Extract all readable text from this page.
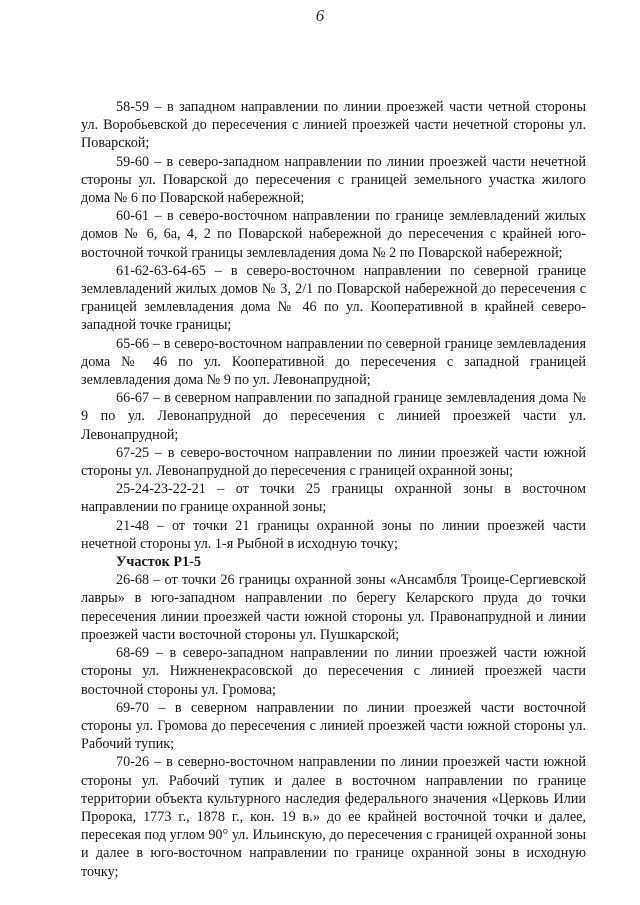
6

58-59 – в западном направлении по линии проезжей части четной стороны ул. Воробьевской до пересечения с линией проезжей части нечетной стороны ул. Поварской;

59-60 – в северо-западном направлении по линии проезжей части нечетной стороны ул. Поварской до пересечения с границей земельного участка жилого дома № 6 по Поварской набережной;

60-61 – в северо-восточном направлении по границе землевладений жилых домов № 6, 6а, 4, 2 по Поварской набережной до пересечения с крайней юго-восточной точкой границы землевладения дома № 2 по Поварской набережной;

61-62-63-64-65 – в северо-восточном направлении по северной границе землевладений жилых домов № 3, 2/1 по Поварской набережной до пересечения с границей землевладения дома № 46 по ул. Кооперативной в крайней северо-западной точке границы;

65-66 – в северо-восточном направлении по северной границе землевладения дома № 46 по ул. Кооперативной до пересечения с западной границей землевладения дома № 9 по ул. Левонапрудной;

66-67 – в северном направлении по западной границе землевладения дома № 9 по ул. Левонапрудной до пересечения с линией проезжей части ул. Левонапрудной;

67-25 – в северо-восточном направлении по линии проезжей части южной стороны ул. Левонапрудной до пересечения с границей охранной зоны;

25-24-23-22-21 – от точки 25 границы охранной зоны в восточном направлении по границе охранной зоны;

21-48 – от точки 21 границы охранной зоны по линии проезжей части нечетной стороны ул. 1-я Рыбной в исходную точку;

Участок Р1-5

26-68 – от точки 26 границы охранной зоны «Ансамбля Троице-Сергиевской лавры» в юго-западном направлении по берегу Келарского пруда до точки пересечения линии проезжей части южной стороны ул. Правонапрудной и линии проезжей части восточной стороны ул. Пушкарской;

68-69 – в северо-западном направлении по линии проезжей части южной стороны ул. Нижненекрасовской до пересечения с линией проезжей части восточной стороны ул. Громова;

69-70 – в северном направлении по линии проезжей части восточной стороны ул. Громова до пересечения с линией проезжей части южной стороны ул. Рабочий тупик;

70-26 – в северно-восточном направлении по линии проезжей части южной стороны ул. Рабочий тупик и далее в восточном направлении по границе территории объекта культурного наследия федерального значения «Церковь Илии Пророка, 1773 г., 1878 г., кон. 19 в.» до ее крайней восточной точки и далее, пересекая под углом 90° ул. Ильинскую, до пересечения с границей охранной зоны и далее в юго-восточном направлении по границе охранной зоны в исходную точку;
